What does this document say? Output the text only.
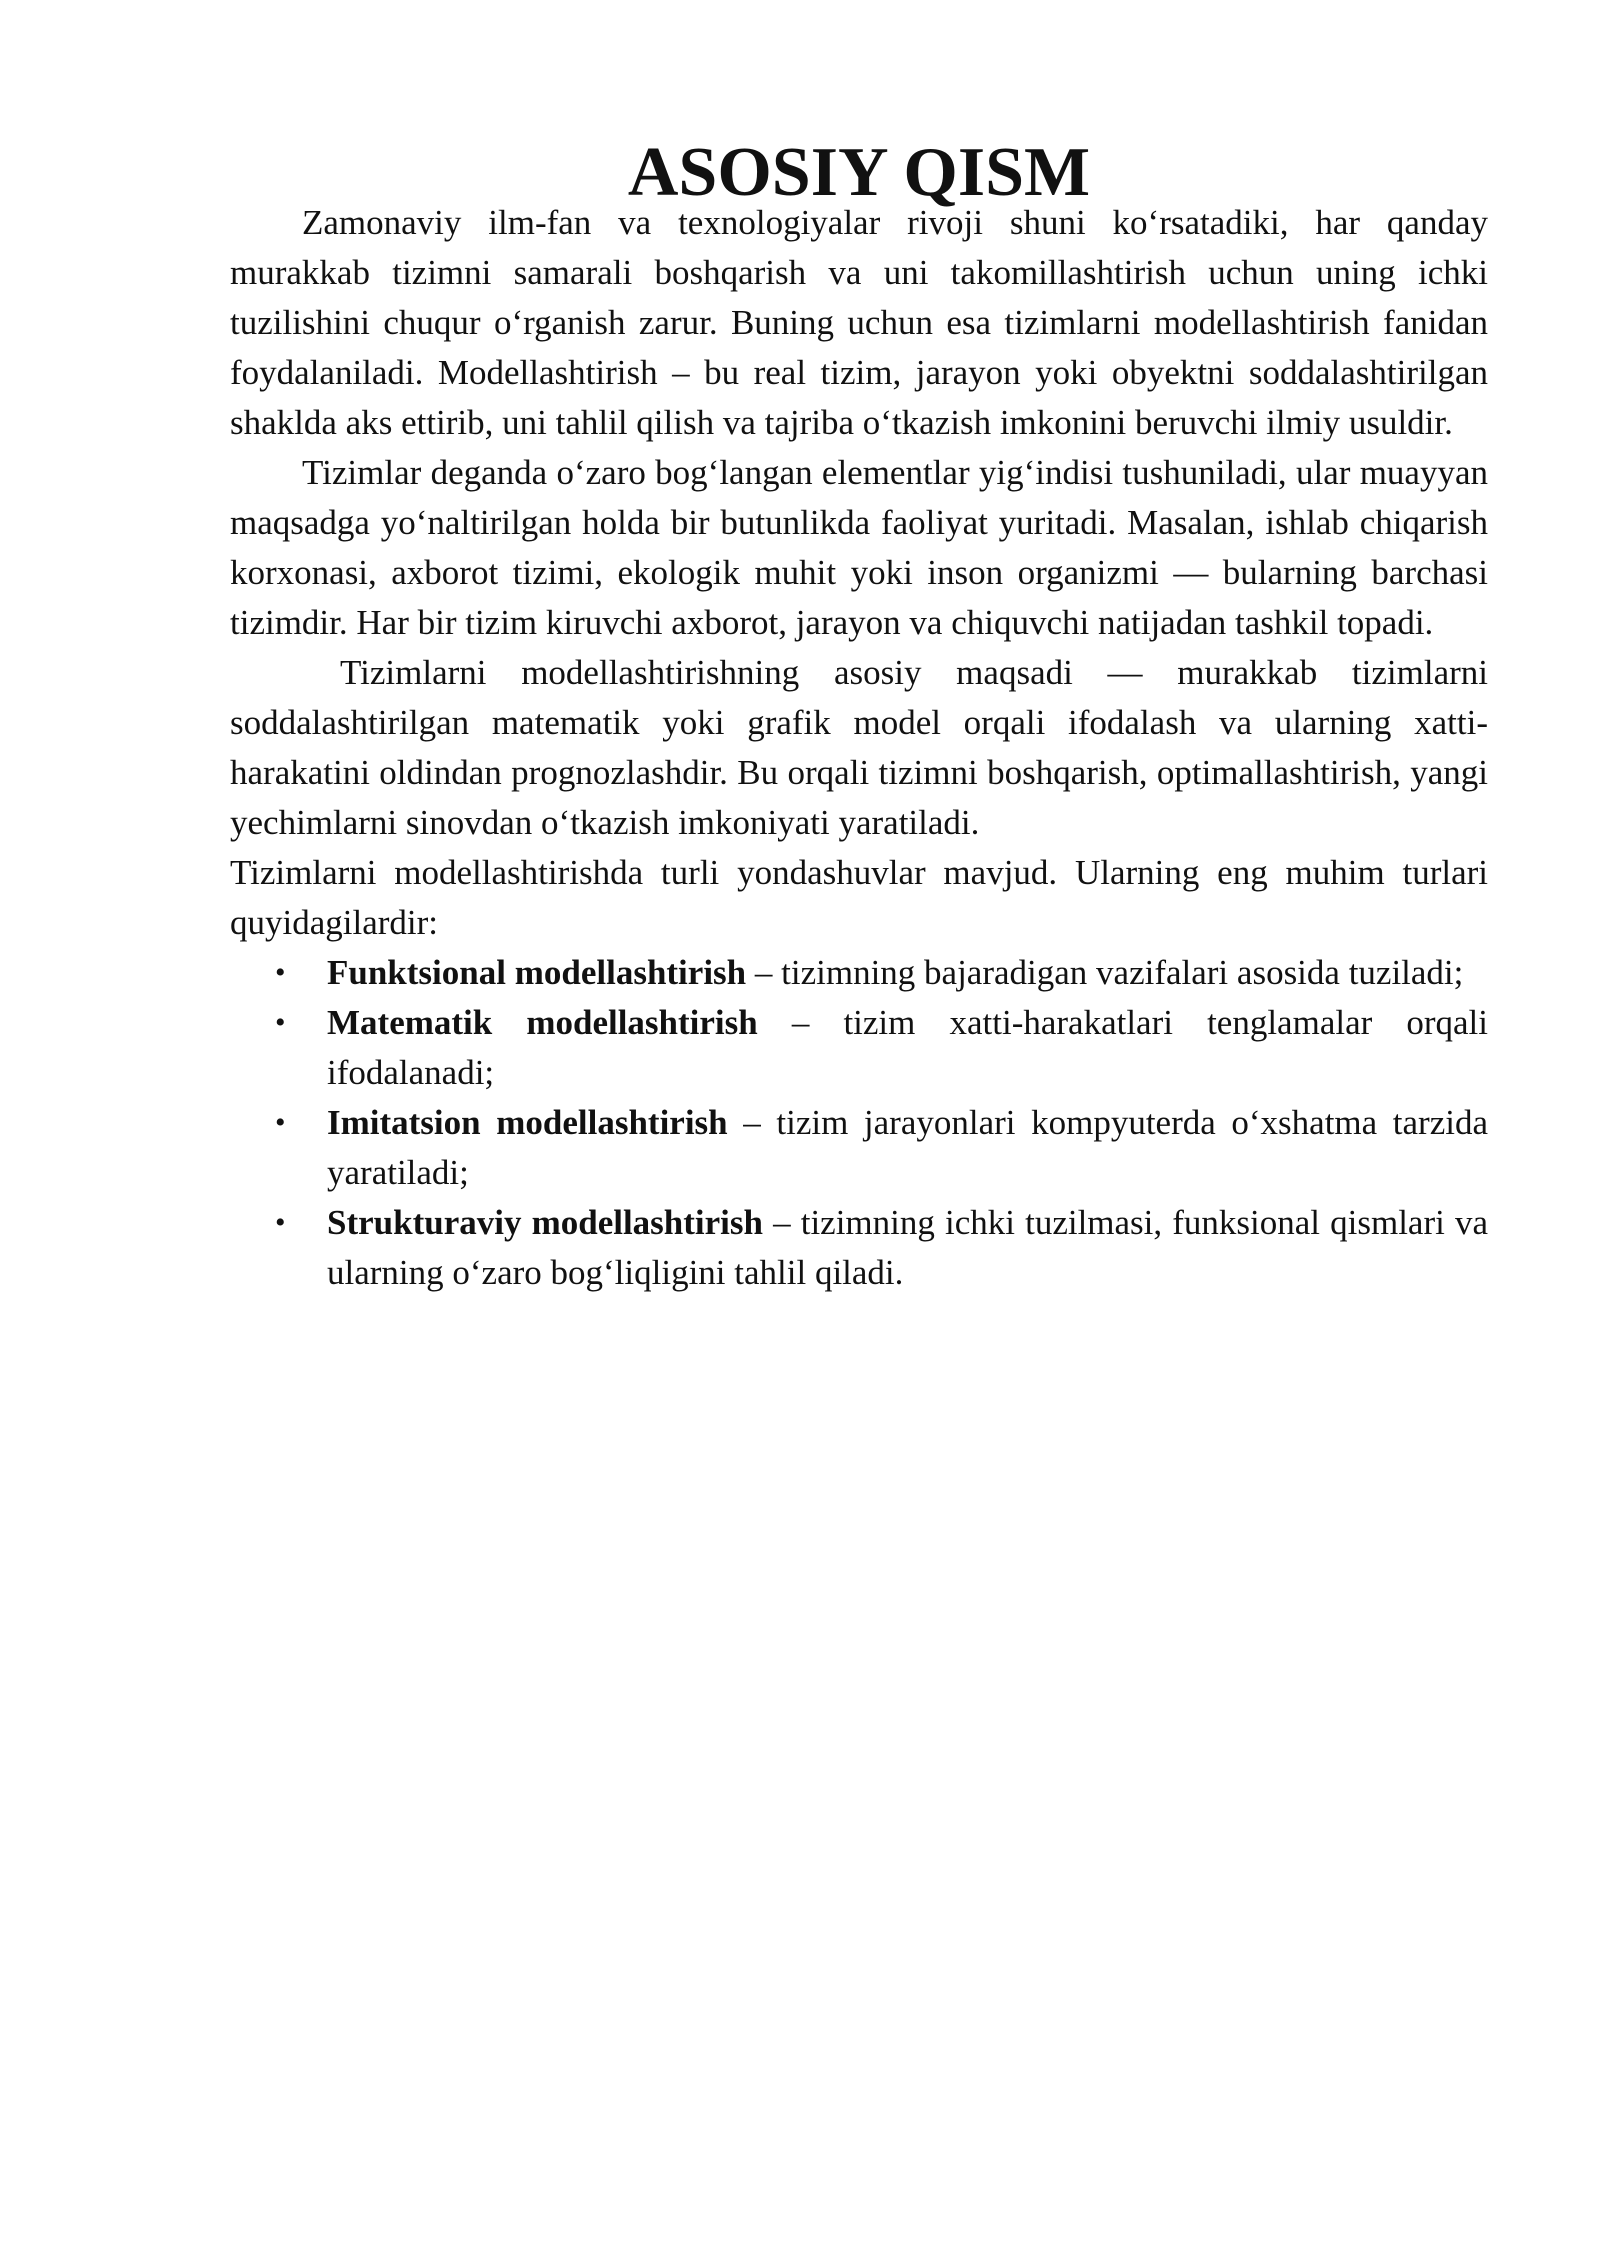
ASOSIY QISM

Zamonaviy ilm-fan va texnologiyalar rivoji shuni ko‘rsatadiki, har qanday murakkab tizimni samarali boshqarish va uni takomillashtirish uchun uning ichki tuzilishini chuqur o‘rganish zarur. Buning uchun esa tizimlarni modellashtirish fanidan foydalaniladi. Modellashtirish – bu real tizim, jarayon yoki obyektni soddalashtirilgan shaklda aks ettirib, uni tahlil qilish va tajriba o‘tkazish imkonini beruvchi ilmiy usuldir.

Tizimlar deganda o‘zaro bog‘langan elementlar yig‘indisi tushuniladi, ular muayyan maqsadga yo‘naltirilgan holda bir butunlikda faoliyat yuritadi. Masalan, ishlab chiqarish korxonasi, axborot tizimi, ekologik muhit yoki inson organizmi — bularning barchasi tizimdir. Har bir tizim kiruvchi axborot, jarayon va chiquvchi natijadan tashkil topadi.

Tizimlarni modellashtirishning asosiy maqsadi — murakkab tizimlarni soddalashtirilgan matematik yoki grafik model orqali ifodalash va ularning xatti-harakatini oldindan prognozlashdir. Bu orqali tizimni boshqarish, optimallashtirish, yangi yechimlarni sinovdan o‘tkazish imkoniyati yaratiladi.

Tizimlarni modellashtirishda turli yondashuvlar mavjud. Ularning eng muhim turlari quyidagilardir:

• Funktsional modellashtirish – tizimning bajaradigan vazifalari asosida tuziladi;
• Matematik modellashtirish – tizim xatti-harakatlari tenglamalar orqali ifodalanadi;
• Imitatsion modellashtirish – tizim jarayonlari kompyuterda o‘xshatma tarzida yaratiladi;
• Strukturaviy modellashtirish – tizimning ichki tuzilmasi, funksional qismlari va ularning o‘zaro bog‘liqligini tahlil qiladi.
